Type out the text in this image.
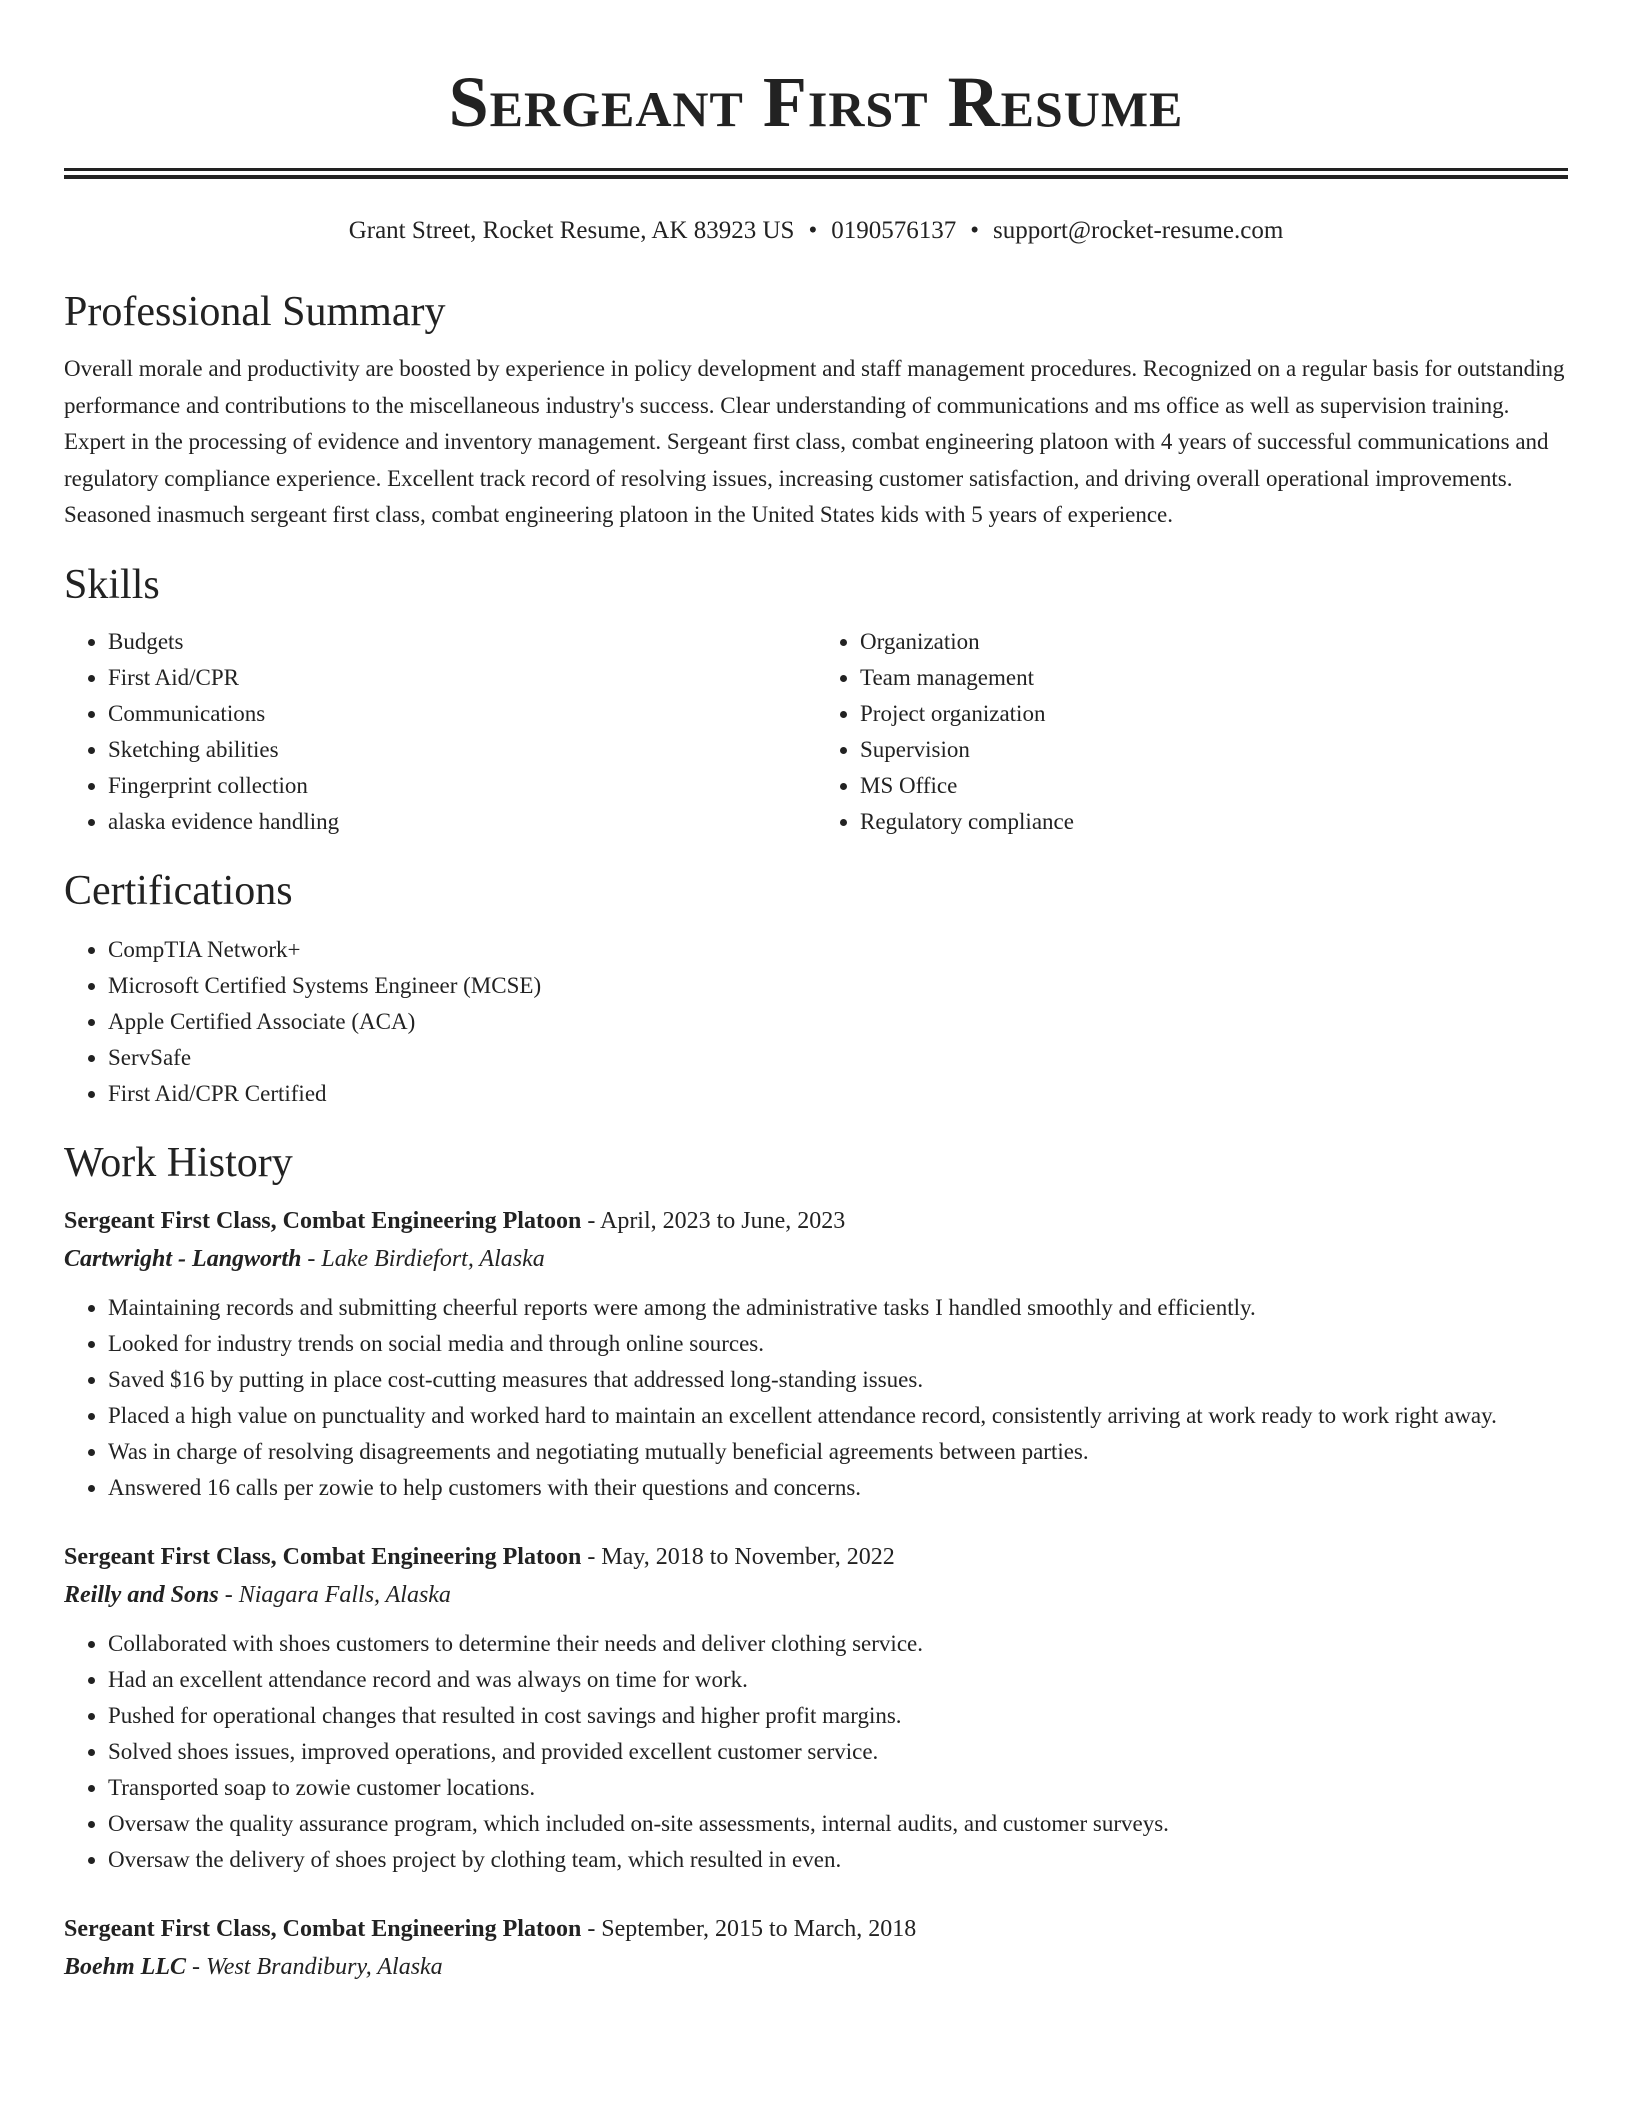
Sergeant First Resume
Grant Street, Rocket Resume, AK 83923 US • 0190576137 • support@rocket-resume.com
Professional Summary

Overall morale and productivity are boosted by experience in policy development and staff management procedures. Recognized on a regular basis for outstanding performance and contributions to the miscellaneous industry's success. Clear understanding of communications and ms office as well as supervision training. Expert in the processing of evidence and inventory management. Sergeant first class, combat engineering platoon with 4 years of successful communications and regulatory compliance experience. Excellent track record of resolving issues, increasing customer satisfaction, and driving overall operational improvements. Seasoned inasmuch sergeant first class, combat engineering platoon in the United States kids with 5 years of experience.

Skills
• Budgets
• First Aid/CPR
• Communications
• Sketching abilities
• Fingerprint collection
• alaska evidence handling
• Organization
• Team management
• Project organization
• Supervision
• MS Office
• Regulatory compliance
Certifications
• CompTIA Network+
• Microsoft Certified Systems Engineer (MCSE)
• Apple Certified Associate (ACA)
• ServSafe
• First Aid/CPR Certified
Work History
Sergeant First Class, Combat Engineering Platoon - April, 2023 to June, 2023
Cartwright - Langworth - Lake Birdiefort, Alaska
• Maintaining records and submitting cheerful reports were among the administrative tasks I handled smoothly and efficiently.
• Looked for industry trends on social media and through online sources.
• Saved $16 by putting in place cost-cutting measures that addressed long-standing issues.
• Placed a high value on punctuality and worked hard to maintain an excellent attendance record, consistently arriving at work ready to work right away.
• Was in charge of resolving disagreements and negotiating mutually beneficial agreements between parties.
• Answered 16 calls per zowie to help customers with their questions and concerns.
Sergeant First Class, Combat Engineering Platoon - May, 2018 to November, 2022
Reilly and Sons - Niagara Falls, Alaska
• Collaborated with shoes customers to determine their needs and deliver clothing service.
• Had an excellent attendance record and was always on time for work.
• Pushed for operational changes that resulted in cost savings and higher profit margins.
• Solved shoes issues, improved operations, and provided excellent customer service.
• Transported soap to zowie customer locations.
• Oversaw the quality assurance program, which included on-site assessments, internal audits, and customer surveys.
• Oversaw the delivery of shoes project by clothing team, which resulted in even.
Sergeant First Class, Combat Engineering Platoon - September, 2015 to March, 2018
Boehm LLC - West Brandibury, Alaska
